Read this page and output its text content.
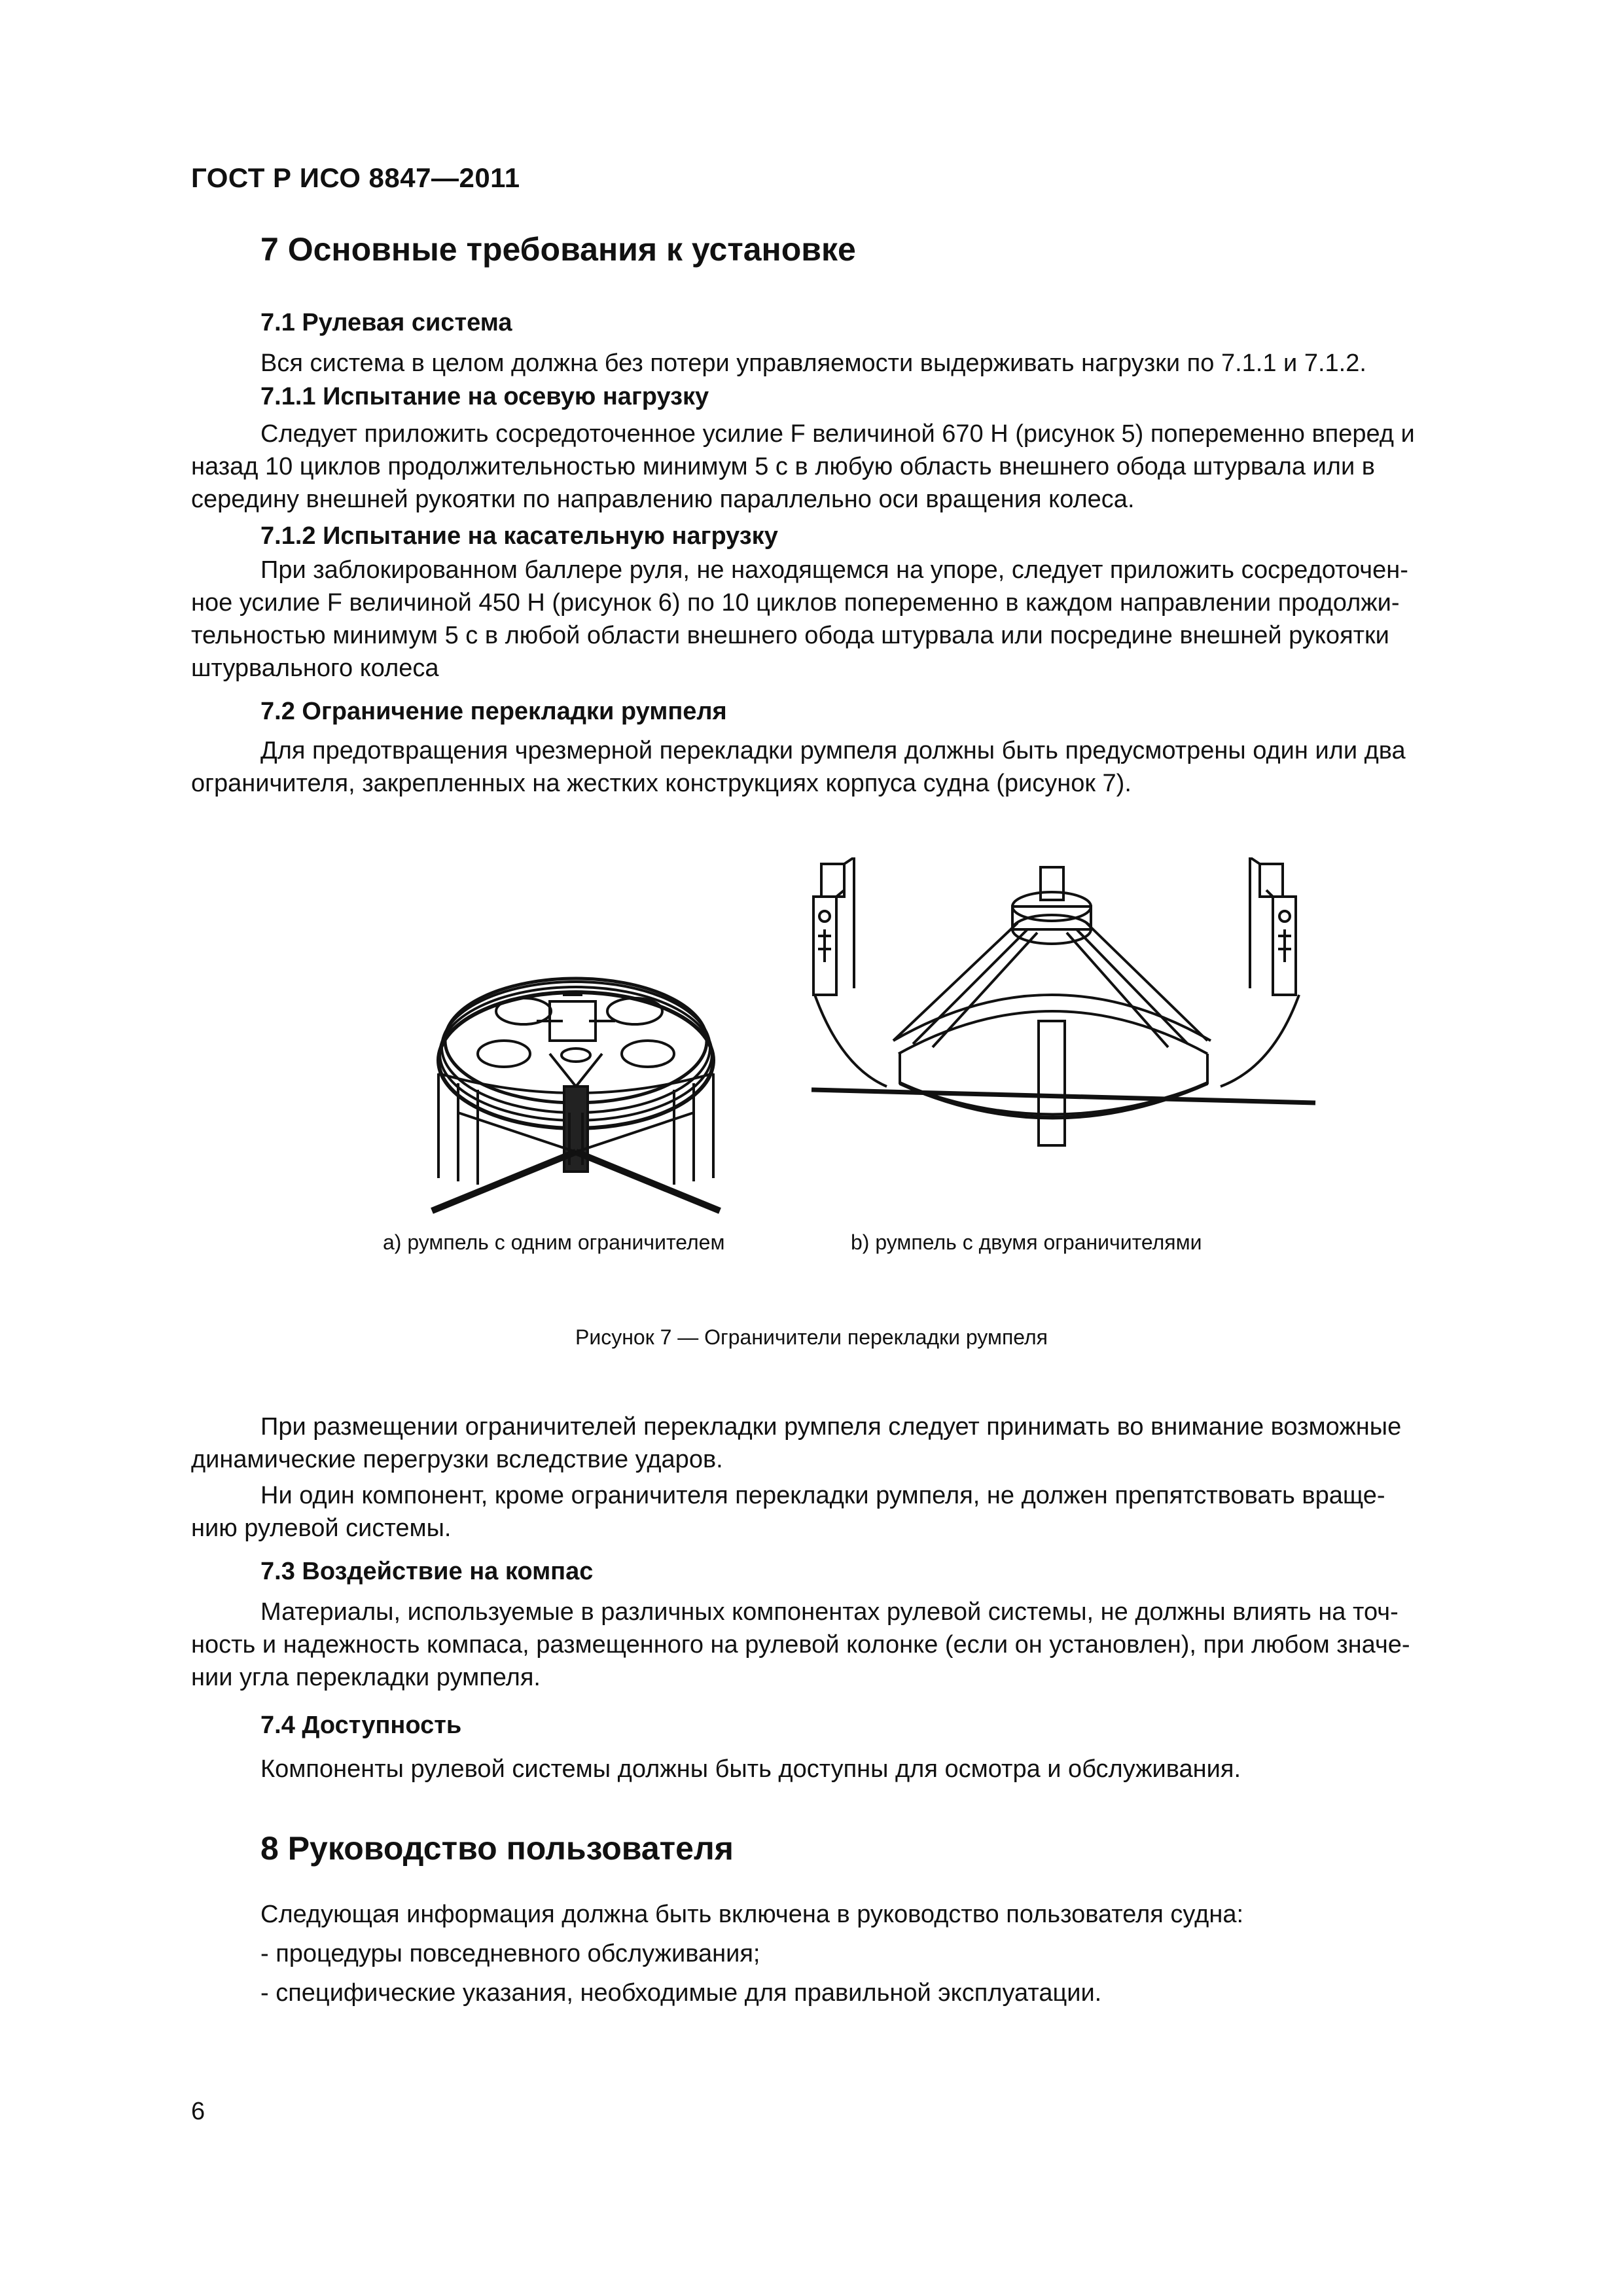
ГОСТ Р ИСО 8847—2011
7 Основные требования к установке
7.1 Рулевая система
Вся система в целом должна без потери управляемости выдерживать нагрузки по 7.1.1 и 7.1.2.
7.1.1 Испытание на осевую нагрузку
Следует приложить сосредоточенное усилие F величиной 670 Н (рисунок 5) попеременно вперед и
назад 10 циклов продолжительностью минимум 5 с в любую область внешнего обода штурвала или в
середину внешней рукоятки по направлению параллельно оси вращения колеса.
7.1.2 Испытание на касательную нагрузку
При заблокированном баллере руля, не находящемся на упоре, следует приложить сосредоточен-
ное усилие F величиной 450 Н (рисунок 6) по 10 циклов попеременно в каждом направлении продолжи-
тельностью минимум 5 с в любой области внешнего обода штурвала или посредине внешней рукоятки
штурвального колеса
7.2 Ограничение перекладки румпеля
Для предотвращения чрезмерной перекладки румпеля должны быть предусмотрены один или два
ограничителя, закрепленных на жестких конструкциях корпуса судна (рисунок 7).
а) румпель с одним ограничителем	b) румпель с двумя ограничителями
Рисунок 7 — Ограничители перекладки румпеля
При размещении ограничителей перекладки румпеля следует принимать во внимание возможные
динамические перегрузки вследствие ударов.
Ни один компонент, кроме ограничителя перекладки румпеля, не должен препятствовать враще-
нию рулевой системы.
7.3 Воздействие на компас
Материалы, используемые в различных компонентах рулевой системы, не должны влиять на точ-
ность и надежность компаса, размещенного на рулевой колонке (если он установлен), при любом значе-
нии угла перекладки румпеля.
7.4 Доступность
Компоненты рулевой системы должны быть доступны для осмотра и обслуживания.
8 Руководство пользователя
Следующая информация должна быть включена в руководство пользователя судна:
- процедуры повседневного обслуживания;
- специфические указания, необходимые для правильной эксплуатации.
6
